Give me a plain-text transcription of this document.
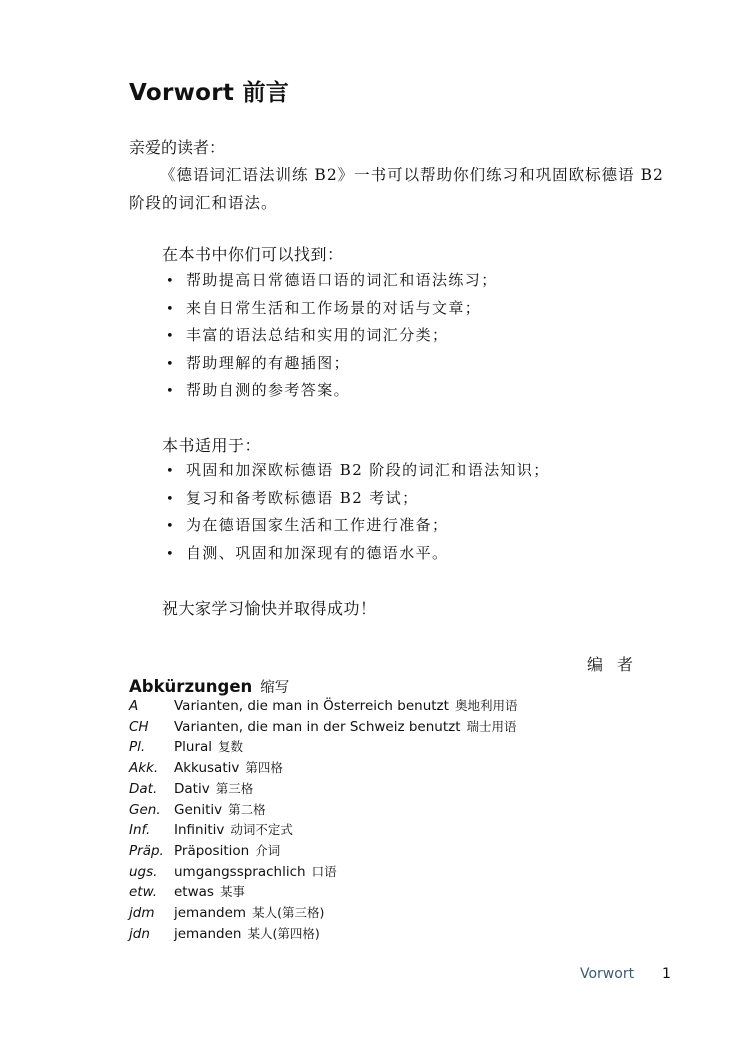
Vorwort 前言
亲爱的读者：
《德语词汇语法训练 B2》一书可以帮助你们练习和巩固欧标德语 B2 阶段的词汇和语法。
在本书中你们可以找到：
• 帮助提高日常德语口语的词汇和语法练习；
• 来自日常生活和工作场景的对话与文章；
• 丰富的语法总结和实用的词汇分类；
• 帮助理解的有趣插图；
• 帮助自测的参考答案。
本书适用于：
• 巩固和加深欧标德语 B2 阶段的词汇和语法知识；
• 复习和备考欧标德语 B2 考试；
• 为在德语国家生活和工作进行准备；
• 自测、巩固和加深现有的德语水平。
祝大家学习愉快并取得成功！
编者
Abkürzungen 缩写
A	Varianten, die man in Österreich benutzt 奥地利用语
CH	Varianten, die man in der Schweiz benutzt 瑞士用语
Pl.	Plural 复数
Akk.	Akkusativ 第四格
Dat.	Dativ 第三格
Gen.	Genitiv 第二格
Inf.	Infinitiv 动词不定式
Präp.	Präposition 介词
ugs.	umgangssprachlich 口语
etw.	etwas 某事
jdm	jemandem 某人(第三格)
jdn	jemanden 某人(第四格)
Vorwort 1
